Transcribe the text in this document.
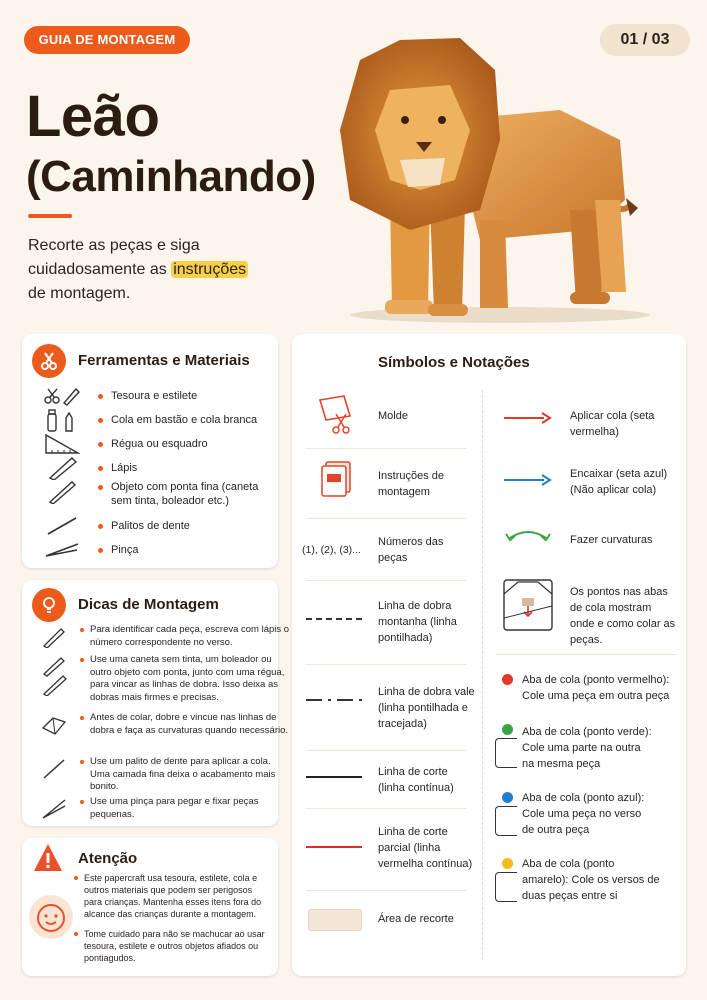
GUIA DE MONTAGEM	01 / 03
Leão
(Caminhando)
Recorte as peças e siga cuidadosamente as instruções de montagem.
Ferramentas e Materiais
Tesoura e estilete
Cola em bastão e cola branca
Régua ou esquadro
Lápis
Objeto com ponta fina (caneta sem tinta, boleador etc.)
Palitos de dente
Pinça
Dicas de Montagem
Para identificar cada peça, escreva com lápis o número correspondente no verso.
Use uma caneta sem tinta, um boleador ou outro objeto com ponta, junto com uma régua, para vincar as linhas de dobra. Isso deixa as dobras mais firmes e precisas.
Antes de colar, dobre e vincue nas linhas de dobra e faça as curvaturas quando necessário.
Use um palito de dente para aplicar a cola. Uma camada fina deixa o acabamento mais bonito.
Use uma pinça para pegar e fixar peças pequenas.
Atenção
Este papercraft usa tesoura, estilete, cola e outros materiais que podem ser perigosos para crianças. Mantenha esses itens fora do alcance das crianças durante a montagem.
Tome cuidado para não se machucar ao usar tesoura, estilete e outros objetos afiados ou pontiagudos.
Símbolos e Notações
Molde
Instruções de montagem
(1), (2), (3)...
Números das peças
Linha de dobra montanha (linha pontilhada)
Linha de dobra vale (linha pontilhada e tracejada)
Linha de corte (linha contínua)
Linha de corte parcial (linha vermelha contínua)
Área de recorte
Aplicar cola (seta vermelha)
Encaixar (seta azul) (Não aplicar cola)
Fazer curvaturas
Os pontos nas abas de cola mostram onde e como colar as peças.
Aba de cola (ponto vermelho): Cole uma peça em outra peça
Aba de cola (ponto verde): Cole uma parte na outra na mesma peça
Aba de cola (ponto azul): Cole uma peça no verso de outra peça
Aba de cola (ponto amarelo): Cole os versos de duas peças entre si
